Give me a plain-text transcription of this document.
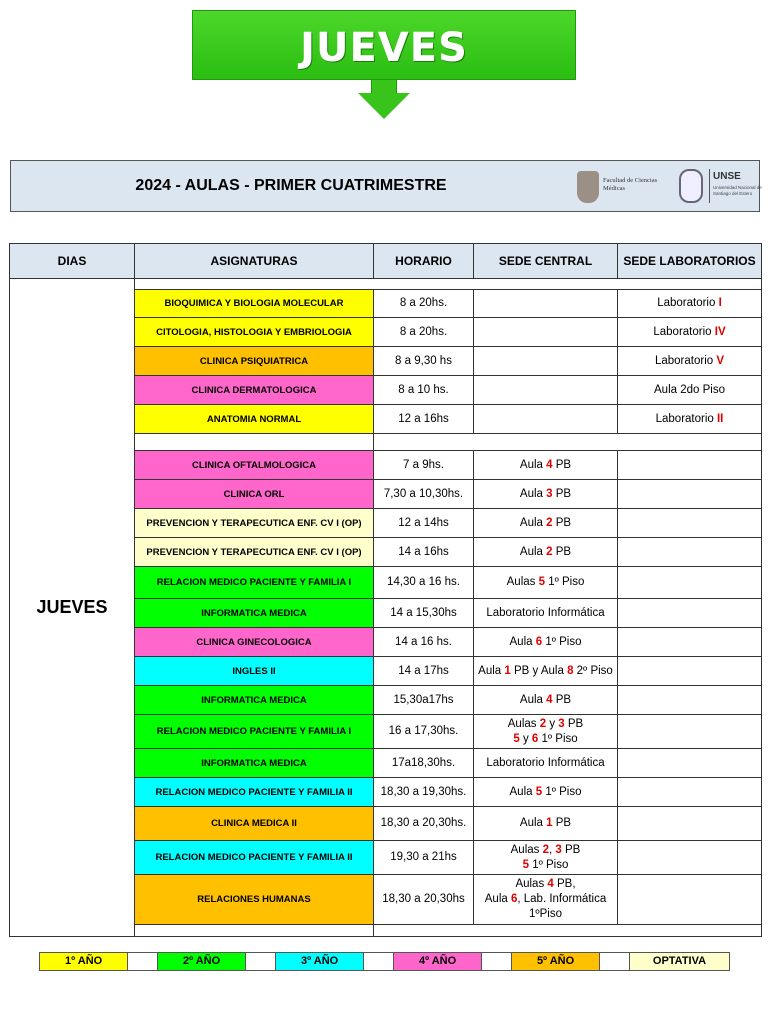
JUEVES
2024 - AULAS - PRIMER CUATRIMESTRE	Facultad de Ciencias Médicas
UNSE
Universidad Nacional de Santiago del Estero
DIAS	ASIGNATURAS	HORARIO	SEDE CENTRAL	SEDE LABORATORIOS
JUEVES				
	BIOQUIMICA Y BIOLOGIA MOLECULAR	8 a 20hs.		Laboratorio I
	CITOLOGIA, HISTOLOGIA Y EMBRIOLOGIA	8 a 20hs.		Laboratorio IV
	CLINICA PSIQUIATRICA	8 a 9,30 hs		Laboratorio V
	CLINICA DERMATOLOGICA	8 a 10 hs.		Aula 2do Piso
	ANATOMIA NORMAL	12 a 16hs		Laboratorio II

	CLINICA OFTALMOLOGICA	7 a 9hs.	Aula 4 PB	
	CLINICA ORL	7,30 a 10,30hs.	Aula 3 PB	
	PREVENCION Y TERAPECUTICA ENF. CV I (OP)	12 a 14hs	Aula 2 PB	
	PREVENCION Y TERAPECUTICA ENF. CV I (OP)	14 a 16hs	Aula 2 PB	
	RELACION MEDICO PACIENTE Y FAMILIA I	14,30 a 16 hs.	Aulas 5 1º Piso	
	INFORMATICA MEDICA	14 a 15,30hs	Laboratorio Informática	
	CLINICA GINECOLOGICA	14 a 16 hs.	Aula 6 1º Piso	
	INGLES II	14 a 17hs	Aula 1 PB y Aula 8 2º Piso	
	INFORMATICA MEDICA	15,30a17hs	Aula 4 PB	
	RELACION MEDICO PACIENTE Y FAMILIA I	16 a 17,30hs.	Aulas 2 y 3 PB
5 y 6 1º Piso	
	INFORMATICA MEDICA	17a18,30hs.	Laboratorio Informática	
	RELACION MEDICO PACIENTE Y FAMILIA II	18,30 a 19,30hs.	Aula 5 1º Piso	
	CLINICA MEDICA II	18,30 a 20,30hs.	Aula 1 PB	
	RELACION MEDICO PACIENTE Y FAMILIA II	19,30 a 21hs	Aulas 2, 3 PB
5 1º Piso	
	RELACIONES HUMANAS	18,30 a 20,30hs	Aulas 4 PB,
Aula 6, Lab. Informática
1ºPiso	

1º AÑO	2º AÑO	3º AÑO	4º AÑO	5º AÑO	OPTATIVA
